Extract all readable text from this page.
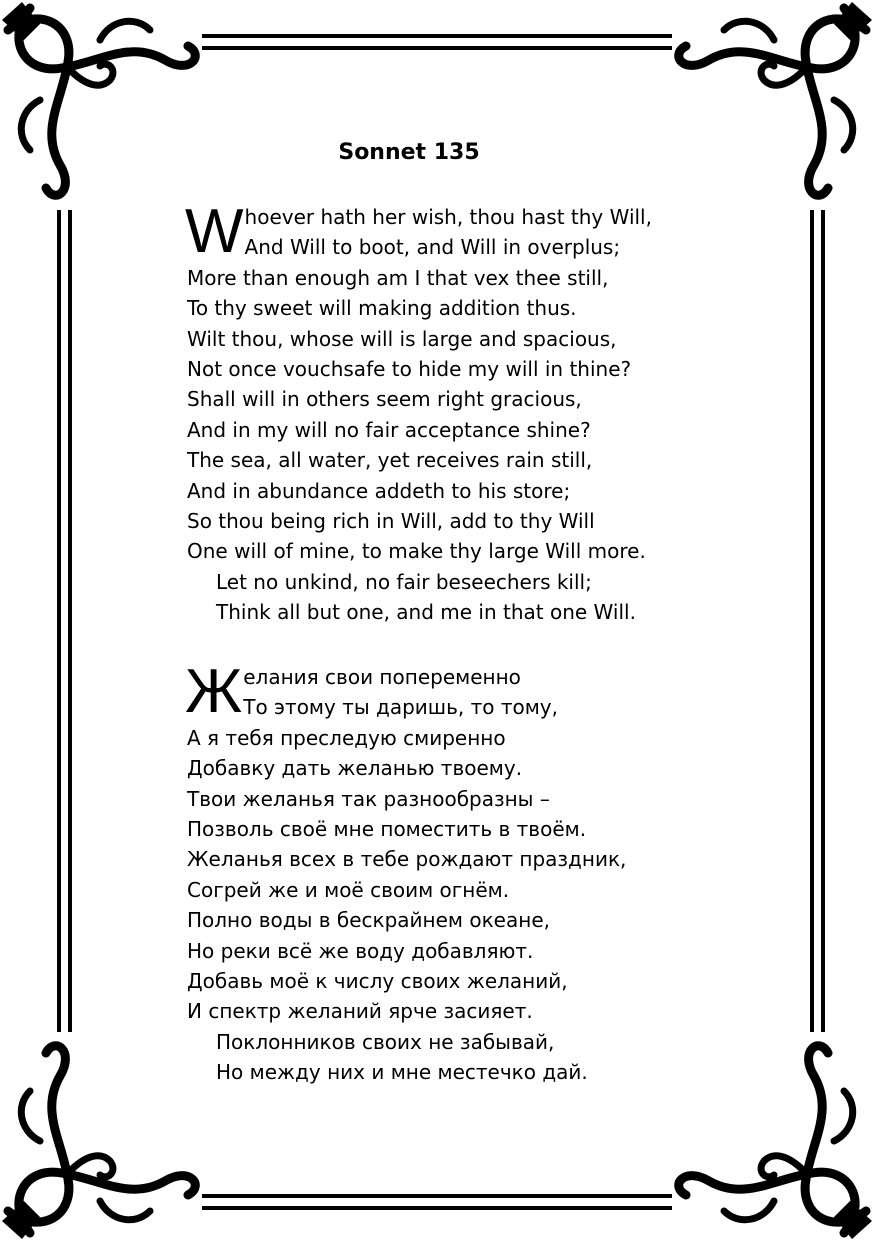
Sonnet 135
W hoever hath her wish, thou hast thy Will,
And Will to boot, and Will in overplus;
More than enough am I that vex thee still,
To thy sweet will making addition thus.
Wilt thou, whose will is large and spacious,
Not once vouchsafe to hide my will in thine?
Shall will in others seem right gracious,
And in my will no fair acceptance shine?
The sea, all water, yet receives rain still,
And in abundance addeth to his store;
So thou being rich in Will, add to thy Will
One will of mine, to make thy large Will more.
Let no unkind, no fair beseechers kill;
Think all but one, and me in that one Will.
Ж елания свои попеременно
То этому ты даришь, то тому,
А я тебя преследую смиренно
Добавку дать желанью твоему.
Твои желанья так разнообразны –
Позволь своё мне поместить в твоём.
Желанья всех в тебе рождают праздник,
Согрей же и моё своим огнём.
Полно воды в бескрайнем океане,
Но реки всё же воду добавляют.
Добавь моё к числу своих желаний,
И спектр желаний ярче засияет.
Поклонников своих не забывай,
Но между них и мне местечко дай.
